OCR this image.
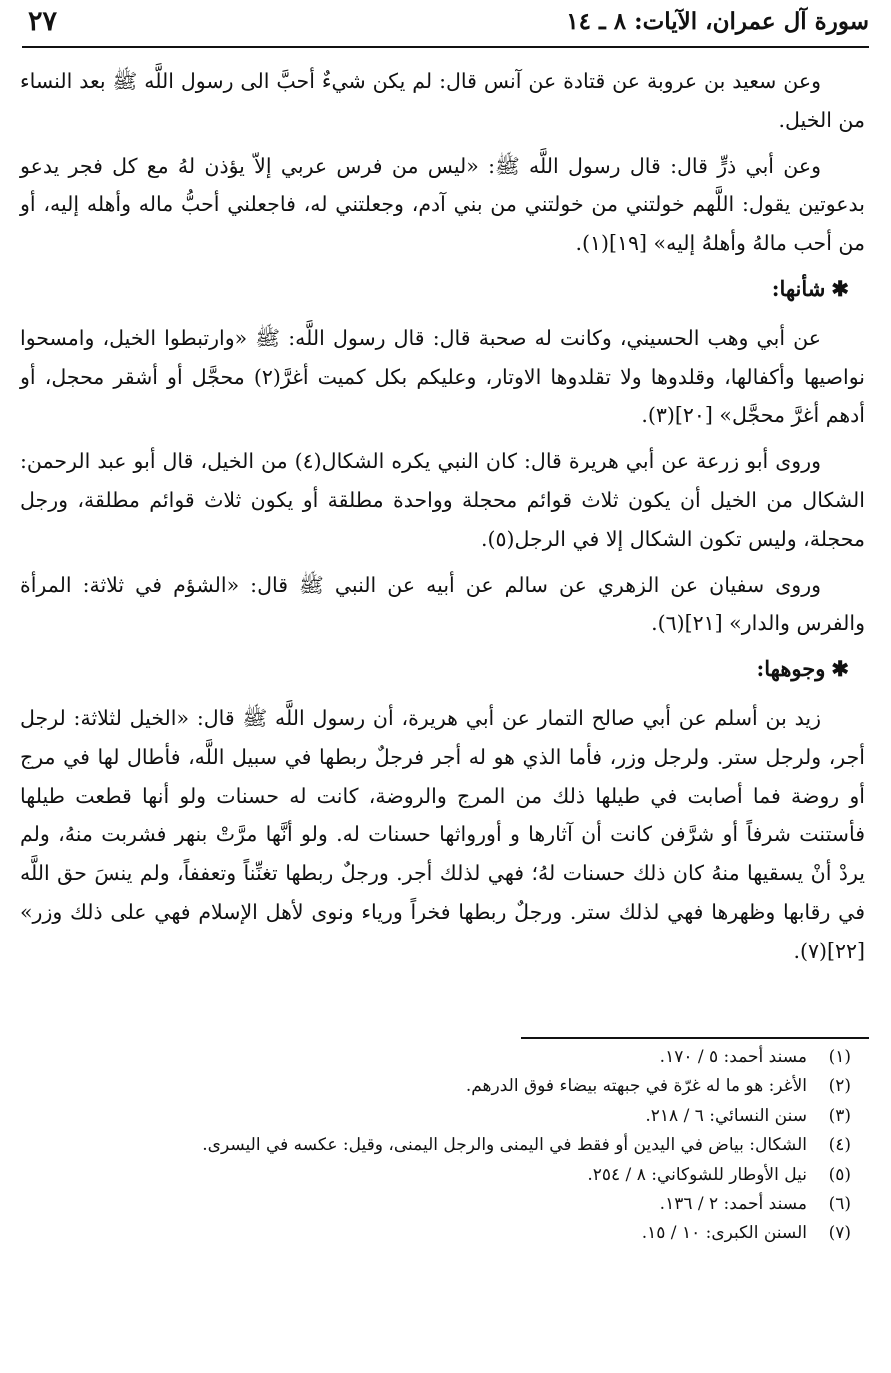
سورة آل عمران، الآيات: ٨ ـ ١٤
٢٧

وعن سعيد بن عروبة عن قتادة عن آنس قال: لم يكن شيءٌ أحبَّ الى رسول اللَّه ﷺ بعد النساء من الخيل.

وعن أبي ذرٍّ قال: قال رسول اللَّه ﷺ: «ليس من فرس عربي إلاّ يؤذن لهُ مع كل فجر يدعو بدعوتين يقول: اللَّهم خولتني من خولتني من بني آدم، وجعلتني له، فاجعلني أحبُّ ماله وأهله إليه، أو من أحب مالهُ وأهلهُ إليه» [١٩](١).

✱شأنها:

عن أبي وهب الحسيني، وكانت له صحبة قال: قال رسول اللَّه: ﷺ «وارتبطوا الخيل، وامسحوا نواصيها وأكفالها، وقلدوها ولا تقلدوها الاوتار، وعليكم بكل كميت أغرَّ(٢) محجَّل أو أشقر محجل، أو أدهم أغرَّ محجَّل» [٢٠](٣).

وروى أبو زرعة عن أبي هريرة قال: كان النبي يكره الشكال(٤) من الخيل، قال أبو عبد الرحمن: الشكال من الخيل أن يكون ثلاث قوائم محجلة وواحدة مطلقة أو يكون ثلاث قوائم مطلقة، ورجل محجلة، وليس تكون الشكال إلا في الرجل(٥).

وروى سفيان عن الزهري عن سالم عن أبيه عن النبي ﷺ قال: «الشؤم في ثلاثة: المرأة والفرس والدار» [٢١](٦).

✱وجوهها:

زيد بن أسلم عن أبي صالح التمار عن أبي هريرة، أن رسول اللَّه ﷺ قال: «الخيل لثلاثة: لرجل أجر، ولرجل ستر. ولرجل وزر، فأما الذي هو له أجر فرجلٌ ربطها في سبيل اللَّه، فأطال لها في مرج أو روضة فما أصابت في طيلها ذلك من المرج والروضة، كانت له حسنات ولو أنها قطعت طيلها فأستنت شرفاً أو شرَّفن كانت أن آثارها و أورواثها حسنات له. ولو أنَّها مرَّتْ بنهر فشربت منهُ، ولم يردْ أنْ يسقيها منهُ كان ذلك حسنات لهُ؛ فهي لذلك أجر. ورجلٌ ربطها تغنِّناً وتعففاً، ولم ينسَ حق اللَّه في رقابها وظهرها فهي لذلك ستر. ورجلٌ ربطها فخراً ورياء ونوى لأهل الإسلام فهي على ذلك وزر» [٢٢](٧).

(١)مسند أحمد: ٥ / ١٧٠.
(٢)الأغر: هو ما له غرّة في جبهته بيضاء فوق الدرهم.
(٣)سنن النسائي: ٦ / ٢١٨.
(٤)الشكال: بياض في اليدين أو فقط في اليمنى والرجل اليمنى، وقيل: عكسه في اليسرى.
(٥)نيل الأوطار للشوكاني: ٨ / ٢٥٤.
(٦)مسند أحمد: ٢ / ١٣٦.
(٧)السنن الكبرى: ١٠ / ١٥.
